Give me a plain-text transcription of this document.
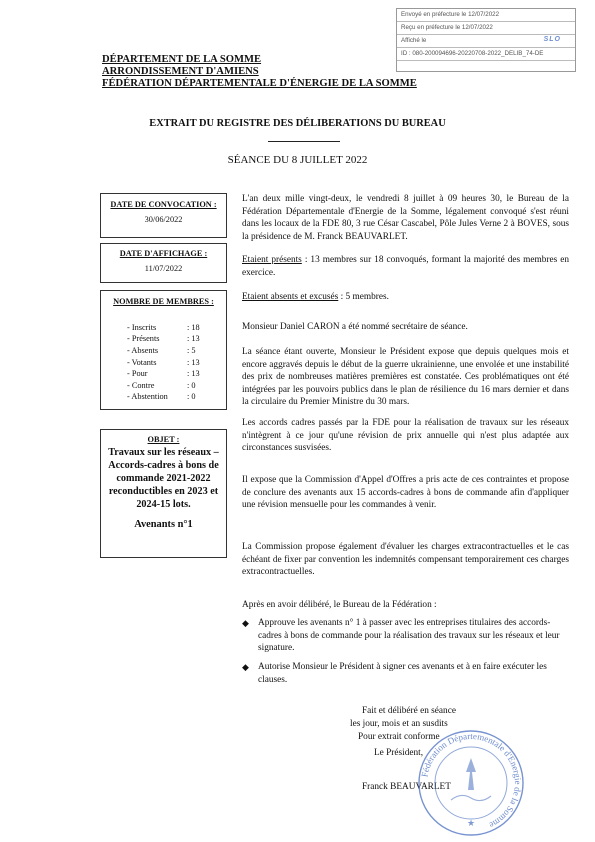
Envoyé en préfecture le 12/07/2022
Reçu en préfecture le 12/07/2022
Affiché le
ID : 080-200094696-20220708-2022_DELIB_74-DE
SLO
DÉPARTEMENT DE LA SOMME
ARRONDISSEMENT D'AMIENS
FÉDÉRATION DÉPARTEMENTALE D'ÉNERGIE DE LA SOMME
EXTRAIT DU REGISTRE DES DÉLIBERATIONS DU BUREAU
SÉANCE DU 8 JUILLET 2022
DATE DE CONVOCATION :
30/06/2022
DATE D'AFFICHAGE :
11/07/2022
NOMBRE DE MEMBRES :
- Inscrits	: 18
- Présents	: 13
- Absents	: 5
- Votants	: 13
- Pour	: 13
- Contre	: 0
- Abstention : 0
OBJET :
Travaux sur les réseaux –Accords-cadres à bons de commande 2021-2022 reconductibles en 2023 et 2024-15 lots.
Avenants n°1
L'an deux mille vingt-deux, le vendredi 8 juillet à 09 heures 30, le Bureau de la Fédération Départementale d'Energie de la Somme, légalement convoqué s'est réuni dans les locaux de la FDE 80, 3 rue César Cascabel, Pôle Jules Verne 2 à BOVES, sous la présidence de M. Franck BEAUVARLET.
Etaient présents : 13 membres sur 18 convoqués, formant la majorité des membres en exercice.
Etaient absents et excusés : 5 membres.
Monsieur Daniel CARON a été nommé secrétaire de séance.
La séance étant ouverte, Monsieur le Président expose que depuis quelques mois et encore aggravés depuis le début de la guerre ukrainienne, une envolée et une instabilité des prix de nombreuses matières premières est constatée. Ces problématiques ont été intégrées par les pouvoirs publics dans le plan de résilience du 16 mars dernier et dans la circulaire du Premier Ministre du 30 mars.
Les accords cadres passés par la FDE pour la réalisation de travaux sur les réseaux n'intègrent à ce jour qu'une révision de prix annuelle qui n'est plus adaptée aux circonstances susvisées.
Il expose que la Commission d'Appel d'Offres a pris acte de ces contraintes et propose de conclure des avenants aux 15 accords-cadres à bons de commande afin d'appliquer une révision mensuelle pour les commandes à venir.
La Commission propose également d'évaluer les charges extracontractuelles et le cas échéant de fixer par convention les indemnités compensant temporairement ces charges extracontractuelles.
Après en avoir délibéré, le Bureau de la Fédération :
◆ Approuve les avenants n° 1 à passer avec les entreprises titulaires des accords-cadres à bons de commande pour la réalisation des travaux sur les réseaux et leur signature.
◆ Autorise Monsieur le Président à signer ces avenants et à en faire exécuter les clauses.
Fait et délibéré en séance
les jour, mois et an susdits
Pour extrait conforme
Le Président,
Franck BEAUVARLET
Fédération Départementale d'Energie de la Somme
★
